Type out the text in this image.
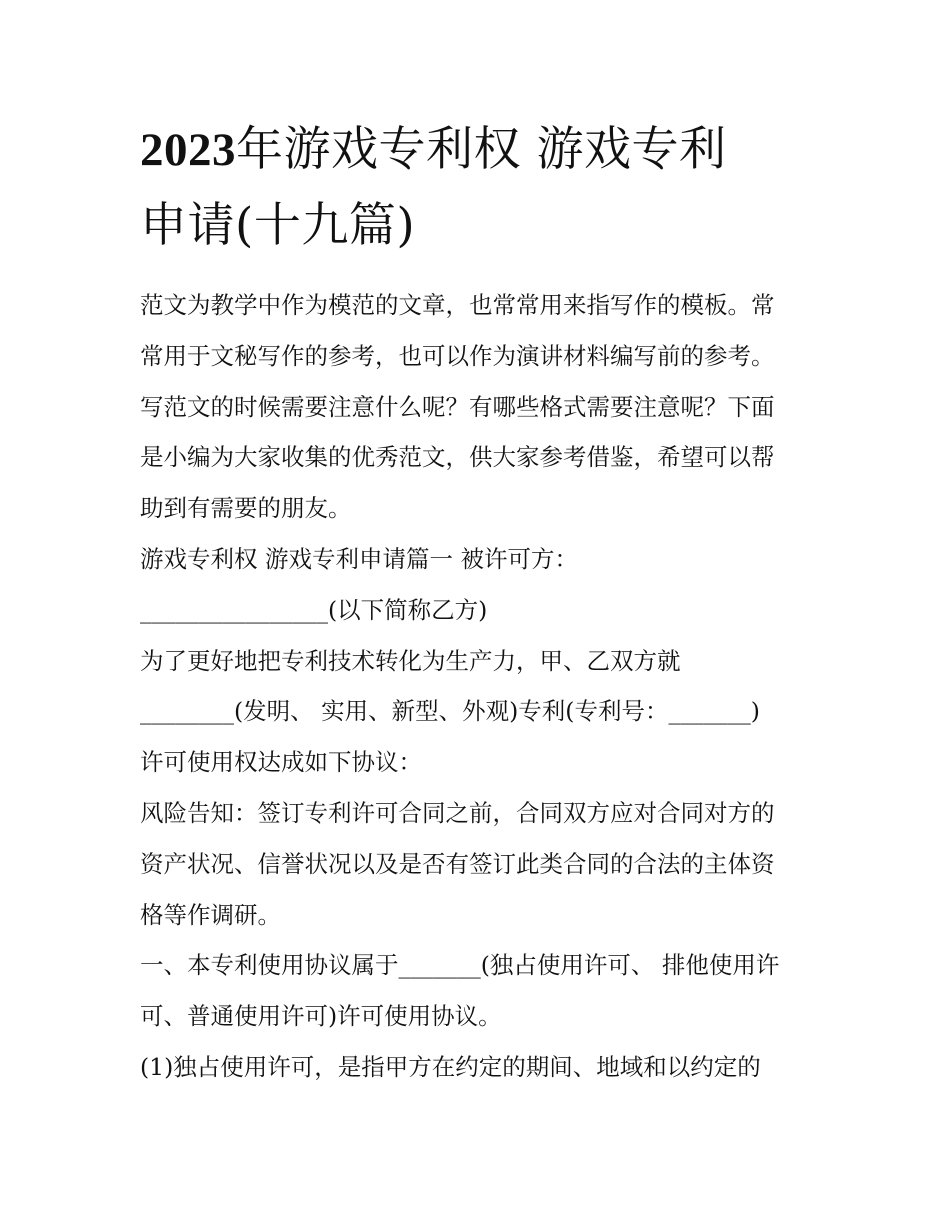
2023年游戏专利权 游戏专利
申请(十九篇)
范文为教学中作为模范的文章，也常常用来指写作的模板。常
常用于文秘写作的参考，也可以作为演讲材料编写前的参考。
写范文的时候需要注意什么呢？有哪些格式需要注意呢？下面
是小编为大家收集的优秀范文，供大家参考借鉴，希望可以帮
助到有需要的朋友。
游戏专利权 游戏专利申请篇一 被许可方：
________________(以下简称乙方)
为了更好地把专利技术转化为生产力，甲、乙双方就
________(发明、 实用、新型、外观)专利(专利号：_______)
许可使用权达成如下协议：
风险告知：签订专利许可合同之前，合同双方应对合同对方的
资产状况、信誉状况以及是否有签订此类合同的合法的主体资
格等作调研。
一、本专利使用协议属于_______(独占使用许可、 排他使用许
可、普通使用许可)许可使用协议。
(1)独占使用许可，是指甲方在约定的期间、地域和以约定的
